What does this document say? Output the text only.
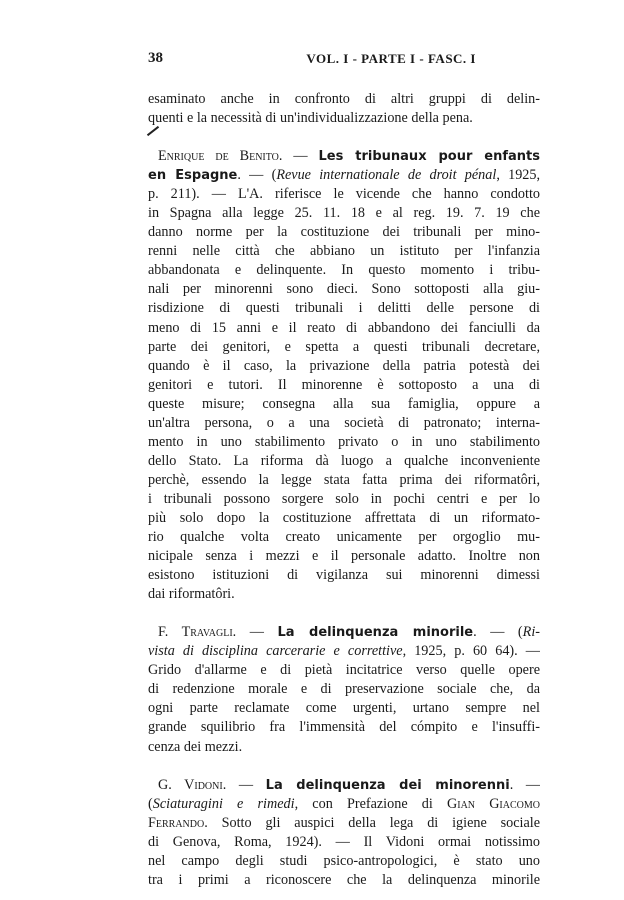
38	VOL. I - PARTE I - FASC. I
esaminato anche in confronto di altri gruppi di delin-
quenti e la necessità di un'individualizzazione della pena.
Enrique de Benito. — Les tribunaux pour enfants
en Espagne. — (Revue internationale de droit pénal, 1925,
p. 211). — L'A. riferisce le vicende che hanno condotto
in Spagna alla legge 25. 11. 18 e al reg. 19. 7. 19 che
danno norme per la costituzione dei tribunali per mino-
renni nelle città che abbiano un istituto per l'infanzia
abbandonata e delinquente. In questo momento i tribu-
nali per minorenni sono dieci. Sono sottoposti alla giu-
risdizione di questi tribunali i delitti delle persone di
meno di 15 anni e il reato di abbandono dei fanciulli da
parte dei genitori, e spetta a questi tribunali decretare,
quando è il caso, la privazione della patria potestà dei
genitori e tutori. Il minorenne è sottoposto a una di
queste misure; consegna alla sua famiglia, oppure a
un'altra persona, o a una società di patronato; interna-
mento in uno stabilimento privato o in uno stabilimento
dello Stato. La riforma dà luogo a qualche inconveniente
perchè, essendo la legge stata fatta prima dei riformatôri,
i tribunali possono sorgere solo in pochi centri e per lo
più solo dopo la costituzione affrettata di un riformato-
rio qualche volta creato unicamente per orgoglio mu-
nicipale senza i mezzi e il personale adatto. Inoltre non
esistono istituzioni di vigilanza sui minorenni dimessi
dai riformatôri.
F. Travagli. — La delinquenza minorile. — (Ri-
vista di disciplina carcerarie e correttive, 1925, p. 60 64). —
Grido d'allarme e di pietà incitatrice verso quelle opere
di redenzione morale e di preservazione sociale che, da
ogni parte reclamate come urgenti, urtano sempre nel
grande squilibrio fra l'immensità del cómpito e l'insuffi-
cenza dei mezzi.
G. Vidoni. — La delinquenza dei minorenni. —
(Sciaturagini e rimedi, con Prefazione di Gian Giacomo
Ferrando. Sotto gli auspici della lega di igiene sociale
di Genova, Roma, 1924). — Il Vidoni ormai notissimo
nel campo degli studi psico-antropologici, è stato uno
tra i primi a riconoscere che la delinquenza minorile
